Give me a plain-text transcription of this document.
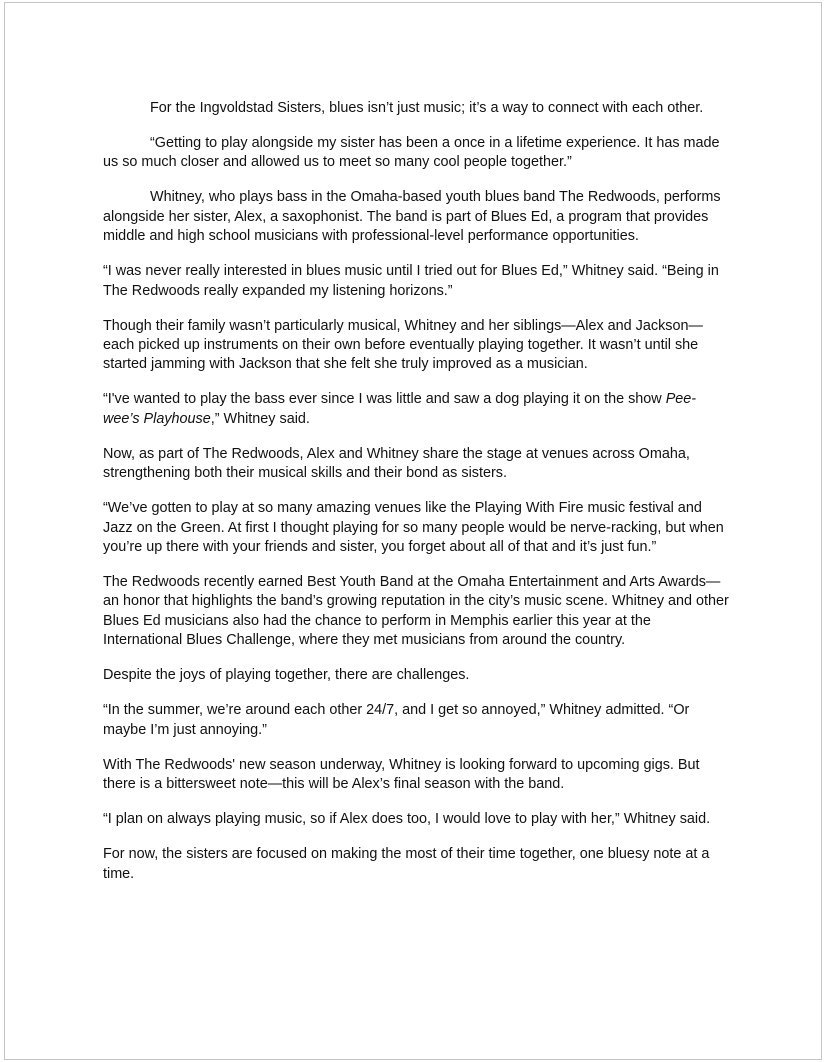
For the Ingvoldstad Sisters, blues isn’t just music; it’s a way to connect with each other.

“Getting to play alongside my sister has been a once in a lifetime experience. It has made us so much closer and allowed us to meet so many cool people together.”

Whitney, who plays bass in the Omaha-based youth blues band The Redwoods, performs alongside her sister, Alex, a saxophonist. The band is part of Blues Ed, a program that provides middle and high school musicians with professional-level performance opportunities.

“I was never really interested in blues music until I tried out for Blues Ed,” Whitney said. “Being in The Redwoods really expanded my listening horizons.”

Though their family wasn’t particularly musical, Whitney and her siblings—Alex and Jackson—each picked up instruments on their own before eventually playing together. It wasn’t until she started jamming with Jackson that she felt she truly improved as a musician.

“I've wanted to play the bass ever since I was little and saw a dog playing it on the show Pee-wee’s Playhouse,” Whitney said.

Now, as part of The Redwoods, Alex and Whitney share the stage at venues across Omaha, strengthening both their musical skills and their bond as sisters.

“We’ve gotten to play at so many amazing venues like the Playing With Fire music festival and Jazz on the Green. At first I thought playing for so many people would be nerve-racking, but when you’re up there with your friends and sister, you forget about all of that and it’s just fun.”

The Redwoods recently earned Best Youth Band at the Omaha Entertainment and Arts Awards—an honor that highlights the band’s growing reputation in the city’s music scene. Whitney and other Blues Ed musicians also had the chance to perform in Memphis earlier this year at the International Blues Challenge, where they met musicians from around the country.

Despite the joys of playing together, there are challenges.

“In the summer, we’re around each other 24/7, and I get so annoyed,” Whitney admitted. “Or maybe I’m just annoying.”

With The Redwoods' new season underway, Whitney is looking forward to upcoming gigs. But there is a bittersweet note—this will be Alex’s final season with the band.

“I plan on always playing music, so if Alex does too, I would love to play with her,” Whitney said.

For now, the sisters are focused on making the most of their time together, one bluesy note at a time.
